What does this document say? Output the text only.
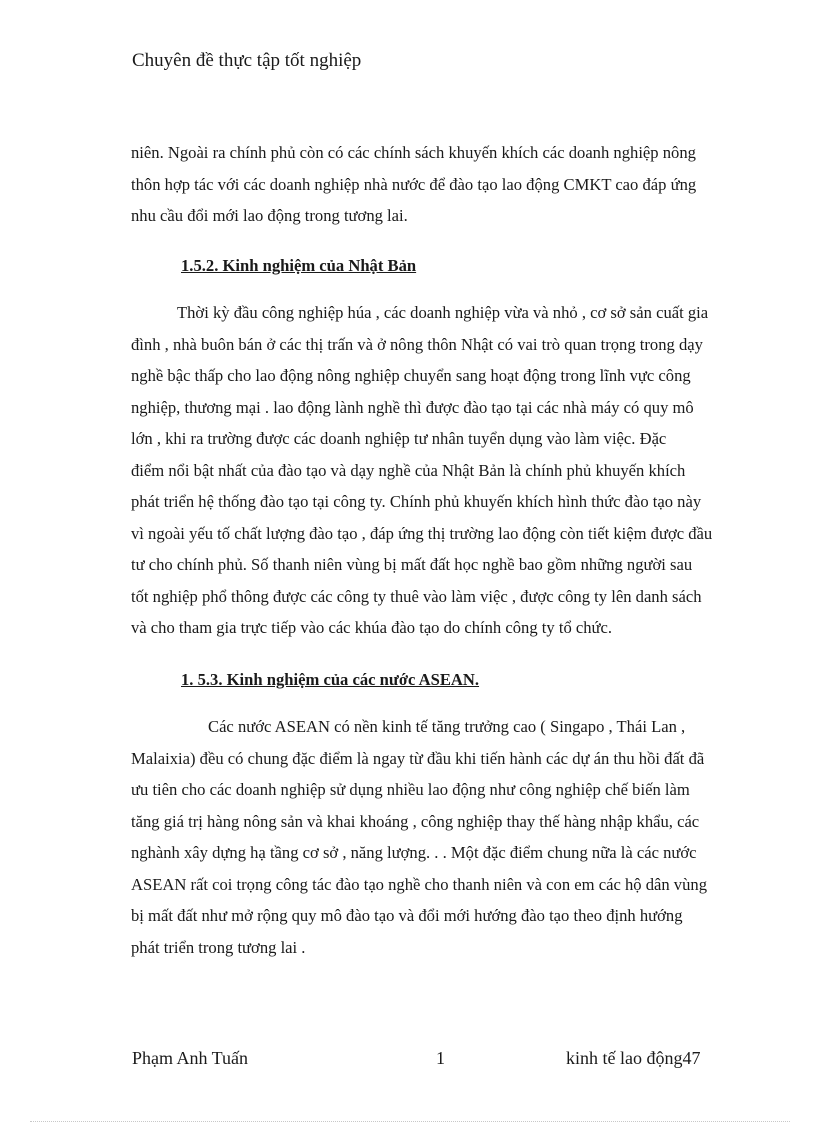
Chuyên đề thực tập tốt nghiệp

niên. Ngoài ra chính phủ còn có các chính sách khuyến khích các doanh nghiệp nông
thôn hợp tác với các doanh nghiệp nhà nước để đào tạo lao động CMKT cao đáp ứng
nhu cầu đổi mới lao động trong tương lai.

1.5.2. Kinh nghiệm của Nhật Bản

Thời kỳ đầu công nghiệp húa , các doanh nghiệp vừa và nhỏ , cơ sở sản cuất gia
đình , nhà buôn bán ở các thị trấn và ở nông thôn Nhật có vai trò quan trọng trong dạy
nghề bậc thấp cho lao động nông nghiệp chuyển sang hoạt động trong lĩnh vực công
nghiệp, thương mại . lao động lành nghề thì được đào tạo tại các nhà máy có quy mô
lớn , khi ra trường được các doanh nghiệp tư nhân tuyển dụng vào làm việc. Đặc
điểm nổi bật nhất của đào tạo và dạy nghề của Nhật Bản là chính phủ khuyến khích
phát triển hệ thống đào tạo tại công ty. Chính phủ khuyến khích hình thức đào tạo này
vì ngoài yếu tố chất lượng đào tạo , đáp ứng thị trường lao động còn tiết kiệm được đầu
tư cho chính phủ. Số thanh niên vùng bị mất đất học nghề bao gồm những người sau
tốt nghiệp phổ thông được các công ty thuê vào làm việc , được công ty lên danh sách
và cho tham gia trực tiếp vào các khúa đào tạo do chính công ty tổ chức.

1. 5.3. Kinh nghiệm của các nước ASEAN.

Các nước ASEAN có nền kinh tế tăng trưởng cao ( Singapo , Thái Lan ,
Malaixia) đều có chung đặc điểm là ngay từ đầu khi tiến hành các dự án thu hồi đất đã
ưu tiên cho các doanh nghiệp sử dụng nhiều lao động như công nghiệp chế biến làm
tăng giá trị hàng nông sản và khai khoáng , công nghiệp thay thế hàng nhập khẩu, các
nghành xây dựng hạ tầng cơ sở , năng lượng. . . Một đặc điểm chung nữa là các nước
ASEAN rất coi trọng công tác đào tạo nghề cho thanh niên và con em các hộ dân vùng
bị mất đất như mở rộng quy mô đào tạo và đổi mới hướng đào tạo theo định hướng
phát triển trong tương lai .

Phạm Anh Tuấn	1	kinh tế lao động47
